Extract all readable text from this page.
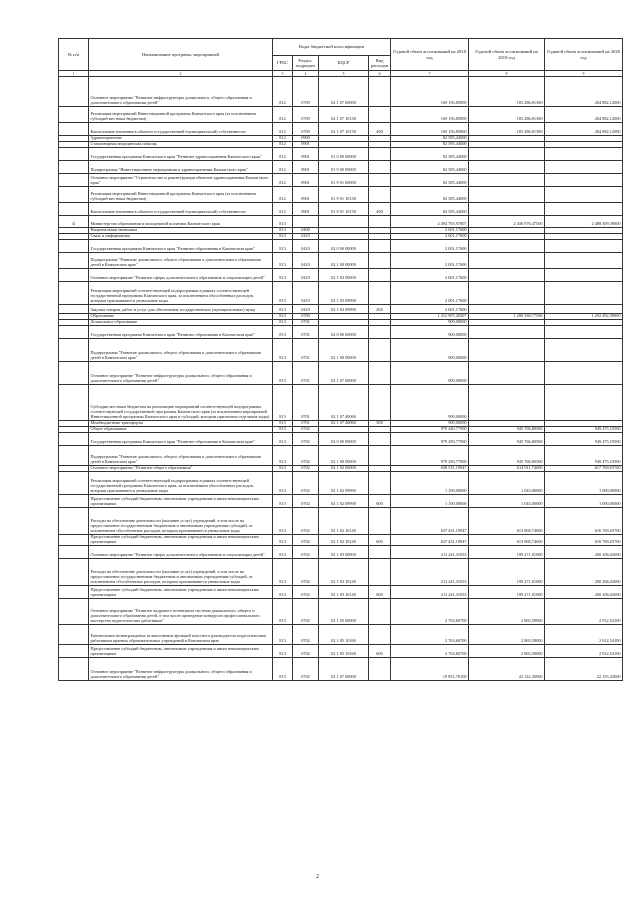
№ п/п	Наименование программ, мероприятий	Коды бюджетной классификации				Годовой объем ассигнований на 2018 год	Годовой объем ассигнований на 2019 год	Годовой объем ассигнований на 2020 год
		ГРБС	Раздел, подраздел	КЦСР	Вид расходов			
1	2	3	4	5	6	7	8	9
	Основное мероприятие "Развитие инфраструктуры дошкольного, общего образования и дополнительного образования детей"	812	0709	02 1 07 00000		169 156,85800	183 286,81300	204 882,12000
	Реализация мероприятий Инвестиционной программы Камчатского края (за исключением субсидий местным бюджетам)	812	0709	02 1 07 10130		169 156,85800	183 286,81300	204 882,12000
	Капитальные вложения в объекты государственной (муниципальной) собственности	812	0709	02 1 07 10130	400	169 156,85800	183 286,81300	204 882,12000
	Здравоохранение	812	0900			82 585,44000		
	Стационарная медицинская помощь	812	0901			82 585,44000		
	Государственная программа Камчатского края "Развитие здравоохранения Камчатского края"	812	0901	01 0 00 00000		82 585,44000		
	Подпрограмма "Инвестиционные мероприятия в здравоохранении Камчатского края"	812	0901	01 9 00 00000		82 585,44000		
	Основное мероприятие "Строительство и реконструкция объектов здравоохранения Камчатского края"	812	0901	01 9 01 00000		82 585,44000		
	Реализация мероприятий Инвестиционной программы Камчатского края (за исключением субсидий местным бюджетам)	812	0901	01 9 01 10130		82 585,44000		
	Капитальные вложения в объекты государственной (муниципальной) собственности	812	0901	01 9 01 10130	400	82 585,44000		
4	Министерство образования и молодежной политики Камчатского края	813				2 494 765,97807	2 430 976,47500	2 488 309,39000
	Национальная экономика	813	0400			2 001,17600		
	Связь и информатика	813	0410			2 001,17600		
	Государственная программа Камчатского края "Развитие образования в Камчатском крае"	813	0410	02 0 00 00000		2 001,17600		
	Подпрограмма "Развитие дошкольного, общего образования и дополнительного образования детей в Камчатском крае"	813	0410	02 1 00 00000		2 001,17600		
	Основное мероприятие "Развитие сферы дополнительного образования и социализации детей"	813	0410	02 1 03 00000		2 001,17600		
	Реализация мероприятий соответствующей подпрограммы в рамках соответствующей государственной программы Камчатского края, за исключением обособленных расходов, которым присваиваются уникальные коды	813	0410	02 1 03 09990		2 001,17600		
	Закупка товаров, работ и услуг для обеспечения государственных (муниципальных) нужд	813	0410	02 1 03 09990	200	2 001,17600		
	Образование	813	0700			1 312 907,20307	1 290 338,77500	1 292 492,39000
	Дошкольное образование	813	0701			900,00000		
	Государственная программа Камчатского края "Развитие образования в Камчатском крае"	813	0701	02 0 00 00000		900,00000		
	Подпрограмма "Развитие дошкольного, общего образования и дополнительного образования детей в Камчатском крае"	813	0701	02 1 00 00000		900,00000		
	Основное мероприятие "Развитие инфраструктуры дошкольного, общего образования и дополнительного образования детей"	813	0701	02 1 07 00000		900,00000		
	Субсидии местным бюджетам на реализацию мероприятий соответствующей подпрограммы соответствующей государственной программы Камчатского края (за исключением мероприятий Инвестиционной программы Камчатского края и субсидий, которым присвоены отдельные коды)	813	0701	02 1 07 40060		900,00000		
	Межбюджетные трансферты	813	0701	02 1 07 40060	500	900,00000		
	Общее образование	813	0702			979 440,77900	945 766,80500	949 475,19500
	Государственная программа Камчатского края "Развитие образования в Камчатском крае"	813	0702	02 0 00 00000		979 290,77900	945 766,80500	949 475,19500
	Подпрограмма "Развитие дошкольного, общего образования и дополнительного образования детей в Камчатском крае"	813	0702	02 1 00 00000		979 290,77900	945 766,80500	949 475,19500
	Основное мероприятие "Развитие общего образования"	813	0702	02 1 02 00000		638 531,19947	614 911,74600	617 769,03700
	Реализация мероприятий соответствующей подпрограммы в рамках соответствующей государственной программы Камчатского края, за исключением обособленных расходов, которым присваиваются уникальные коды	813	0702	02 1 02 09990		1 100,00000	1 043,00000	1 000,00000
	Предоставление субсидий бюджетным, автономным учреждениям и иным некоммерческим организациям	813	0702	02 1 02 09990	600	1 100,00000	1 043,00000	1 000,00000
	Расходы на обеспечение деятельности (оказание услуг) учреждений, в том числе на предоставление государственным бюджетным и автономным учреждениям субсидий, за исключением обособленных расходов, которым присваиваются уникальные коды	813	0702	02 1 02 10140		637 431,19947	613 868,74600	616 769,03700
	Предоставление субсидий бюджетным, автономным учреждениям и иным некоммерческим организациям	813	0702	02 1 02 10140	600	637 431,19947	613 868,74600	616 769,03700
	Основное мероприятие "Развитие сферы дополнительного образования и социализации детей"	813	0702	02 1 03 00000		211 241,31653	199 271,01000	200 206,02600
	Расходы на обеспечение деятельности (оказание услуг) учреждений, в том числе на предоставление государственным бюджетным и автономным учреждениям субсидий, за исключением обособленных расходов, которым присваиваются уникальные коды	813	0702	02 1 03 10140		211 241,31653	199 271,01000	200 206,02600
	Предоставление субсидий бюджетным, автономным учреждениям и иным некоммерческим организациям	813	0702	02 1 03 10140	600	211 241,31653	199 271,01000	200 206,02600
	Основное мероприятие "Развитие кадрового потенциала системы дошкольного, общего и дополнительного образования детей, в том числе проведение конкурсов профессионального мастерства педагогических работников"	813	0702	02 1 05 00000		2 763,60700	2 865,58000	2 912,54100
	Ежемесячное вознаграждение за выполнение функций классного руководителя педагогическим работникам краевых образовательных учреждений в Камчатском крае	813	0702	02 1 05 10160		2 763,60700	2 865,58000	2 912,54100
	Предоставление субсидий бюджетным, автономным учреждениям и иным некоммерческим организациям	813	0702	02 1 05 10160	600	2 763,60700	2 865,58000	2 912,54100
	Основное мероприятие "Развитие инфраструктуры дошкольного, общего образования и дополнительного образования детей"	813	0702	02 1 07 00000		19 851,76100	22 142,30000	22 155,32000
2
